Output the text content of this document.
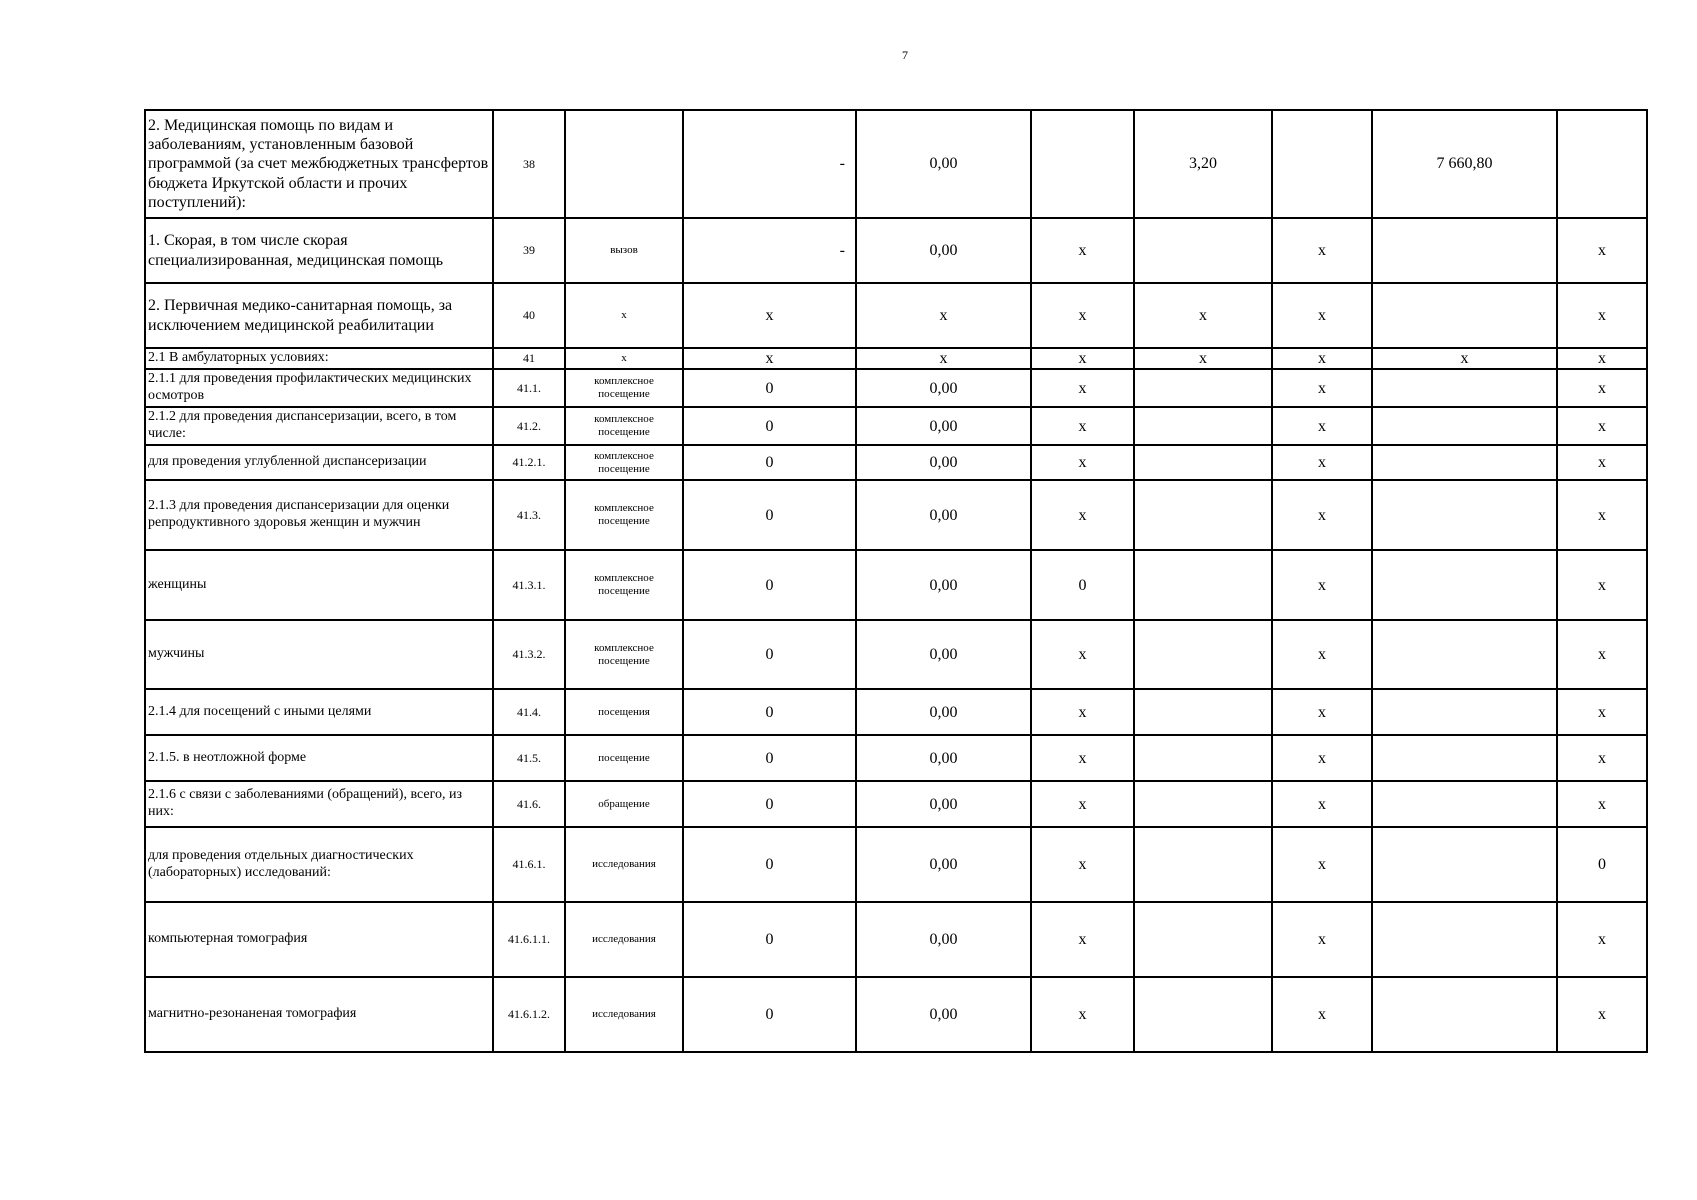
7
2. Медицинская помощь по видам и заболеваниям, установленным базовой программой (за счет межбюджетных трансфертов бюджета Иркутской области и прочих поступлений):	38		-	0,00		3,20		7 660,80	
1. Скорая, в том числе скорая специализированная, медицинская помощь	39	вызов	-	0,00	х		х		х
2. Первичная медико-санитарная помощь, за исключением медицинской реабилитации	40	х	х	х	х	х	х		х
2.1 В амбулаторных условиях:	41	х	х	х	х	х	х	х	х
2.1.1 для проведения профилактических медицинских осмотров	41.1.	комплексное посещение	0	0,00	х		х		х
2.1.2 для проведения диспансеризации, всего, в том числе:	41.2.	комплексное посещение	0	0,00	х		х		х
для проведения углубленной диспансеризации	41.2.1.	комплексное посещение	0	0,00	х		х		х
2.1.3 для проведения диспансеризации для оценки репродуктивного здоровья женщин и мужчин	41.3.	комплексное посещение	0	0,00	х		х		х
женщины	41.3.1.	комплексное посещение	0	0,00	0		х		х
мужчины	41.3.2.	комплексное посещение	0	0,00	х		х		х
2.1.4 для посещений с иными целями	41.4.	посещения	0	0,00	х		х		х
2.1.5. в неотложной форме	41.5.	посещение	0	0,00	х		х		х
2.1.6 с связи с заболеваниями (обращений), всего, из них:	41.6.	обращение	0	0,00	х		х		х
для проведения отдельных диагностических (лабораторных) исследований:	41.6.1.	исследования	0	0,00	х		х		0
компьютерная томография	41.6.1.1.	исследования	0	0,00	х		х		х
магнитно-резонаненая томография	41.6.1.2.	исследования	0	0,00	х		х		х
